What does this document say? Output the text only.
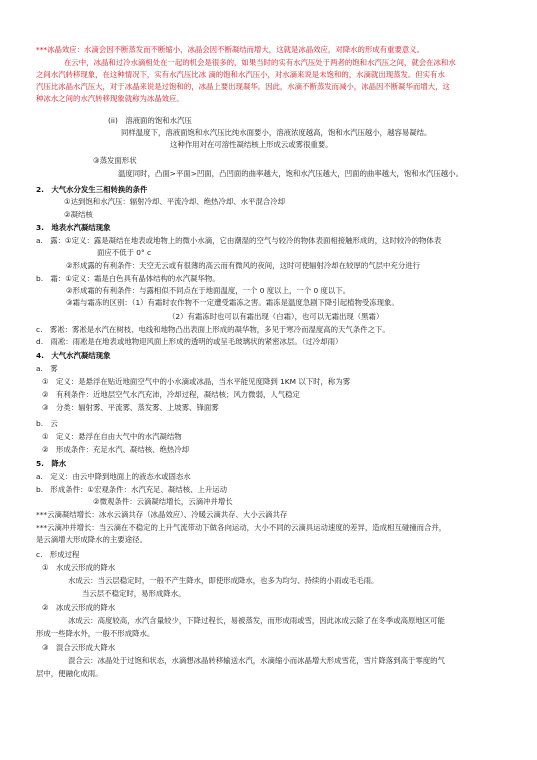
***冰晶效应：水滴会因不断蒸发而不断缩小，冰晶会因不断凝结而增大，这就是冰晶效应，对降水的形成有重要意义。
在云中，冰晶和过冷水滴相处在一起的机会是很多的，如果当时的实有水汽压处于两者的饱和水汽压之间，就会在冰和水
之间水汽转移现象，在这种情况下，实有水汽压比冰 滴的饱和水汽压小，对水滴来说是未饱和的，水滴就出现蒸发。但实有水
汽压比冰晶水汽压大，对于冰晶来说是过饱和的，冰晶上要出现凝华。因此，水滴不断蒸发而减小，冰晶因不断凝华而增大，这
种冰水之间的水汽转移现象就称为冰晶效应。
(ii)　溶液面的饱和水汽压
同样温度下，溶液面饱和水汽压比纯水面要小，溶液浓度越高，饱和水汽压越小，越容易凝结。
这种作用对在可溶性凝结核上形成云或雾很重要。
③蒸发面形状
温度同时，凸面>平面>凹面，凸凹面的曲率越大，饱和水汽压越大，凹面的曲率越大，饱和水汽压越小。
2.　大气水分发生三相转换的条件
①达到饱和水汽压：辐射冷却、平流冷却、绝热冷却、水平混合冷却
②凝结核
3.　地表水汽凝结现象
a.　露：①定义：露是凝结在地表或地物上的微小水滴，它由潮湿的空气与较冷的物体表面相接触形成的，这时较冷的物体表
面应不低于 0° c
②形成露的有利条件：天空无云或有很薄的高云而有微风的夜间，这时可使辐射冷却在较厚的气层中充分进行
b.　霜：①定义：霜是白色具有晶体结构的水汽凝华物。
②形成霜的有利条件：与露相似不同点在于地面温度，一个 0 度以上，一个 0 度以下。
③霜与霜冻的区别：（1）有霜时农作物不一定遭受霜冻之害。霜冻是温度急剧下降引起植物受冻现象。
（2）有霜冻时也可以有霜出现（白霜），也可以无霜出现（黑霜）
c.　雾凇：雾凇是水汽在树枝、电线和地物凸出表面上形成的凝华物，多见于寒冷而湿度高的天气条件之下。
d.　雨凇：雨凇是在地表或地物迎风面上形成的透明的或呈毛玻璃状的紧密冰层。（过冷却雨）
4.　大气水汽凝结现象
a.　雾
①　定义：是悬浮在贴近地面空气中的小水滴或冰晶，当水平能见度降到 1KM 以下时，称为雾
②　有利条件：近地层空气水汽充沛，冷却过程，凝结核；风力微弱，人气稳定
③　分类：辐射雾、平流雾、蒸发雾、上坡雾、锋面雾
b.　云
①　定义：悬浮在自由大气中的水汽凝结物
②　形成条件：充足水汽、凝结核、绝热冷却
5.　降水
a.　定义：由云中降到地面上的液态水或固态水
b.　形成条件：①宏观条件：水汽充足、凝结核、上升运动
②微观条件：云滴凝结增长，云滴冲并增长
***云滴凝结增长：冰水云滴共存（冰晶效应）、冷暖云滴共存、大小云滴共存
***云滴冲并增长：当云滴在不稳定的上升气流带动下做各向运动，大小不同的云滴具运动速度的差异，造成相互碰撞而合并，
是云滴增大形成降水的主要途径。
c.　形成过程
①　水成云形成的降水
水成云：当云层稳定时，一般不产生降水，即使形成降水，也多为均匀、持续的小雨或毛毛雨。
当云层不稳定时，易形成降水。
②　冰成云形成的降水
冰成云：高度较高，水汽含量较少，下降过程长，易被蒸发，而形成雨或雪，因此冰成云除了在冬季或高原地区可能
形成一些降水外，一般不形成降水。
③　混合云形成大降水
混合云：冰晶处于过饱和状态，水滴想冰晶转移输送水汽，水滴缩小而冰晶增大形成雪花，雪片降落到高于零度的气
层中，便融化成雨。
